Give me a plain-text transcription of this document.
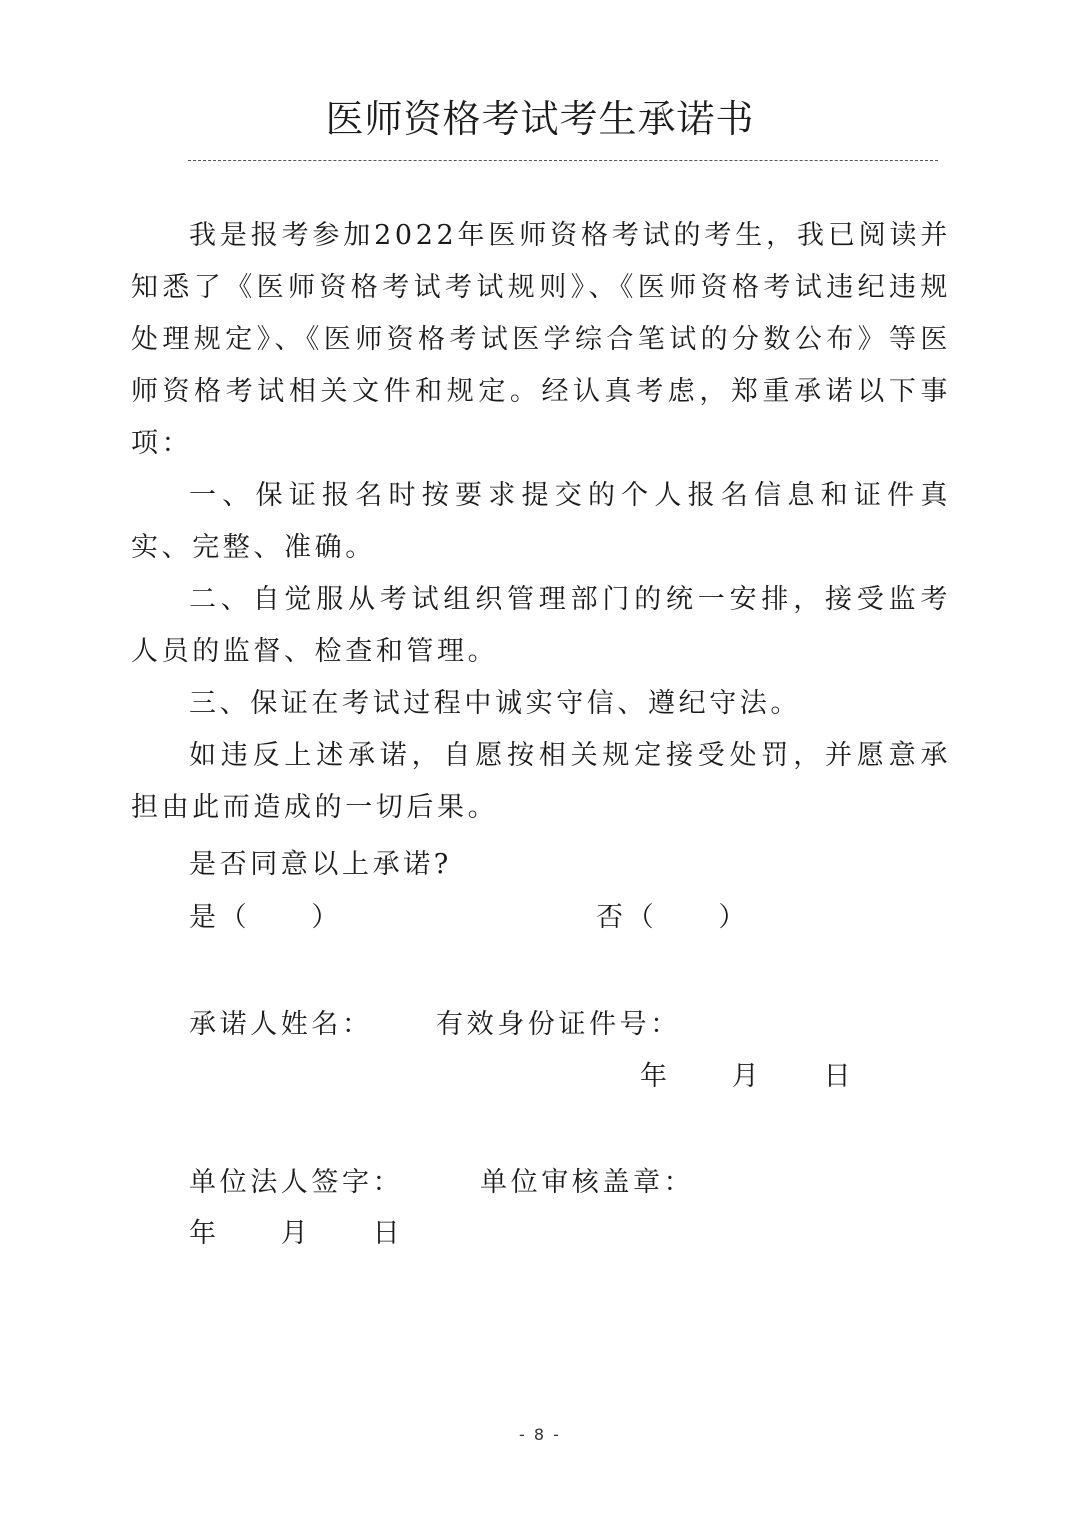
医师资格考试考生承诺书

我是报考参加2022年医师资格考试的考生，我已阅读并知悉了《医师资格考试考试规则》、《医师资格考试违纪违规处理规定》、《医师资格考试医学综合笔试的分数公布》等医师资格考试相关文件和规定。经认真考虑，郑重承诺以下事项：

一、保证报名时按要求提交的个人报名信息和证件真实、完整、准确。

二、自觉服从考试组织管理部门的统一安排，接受监考人员的监督、检查和管理。

三、保证在考试过程中诚实守信、遵纪守法。

如违反上述承诺，自愿按相关规定接受处罚，并愿意承担由此而造成的一切后果。

是否同意以上承诺?
是（　　）	否（　　）
承诺人姓名： 有效身份证件号：
年　　月　　日
单位法人签字：	单位审核盖章：
年　　月　　日
- 8 -
